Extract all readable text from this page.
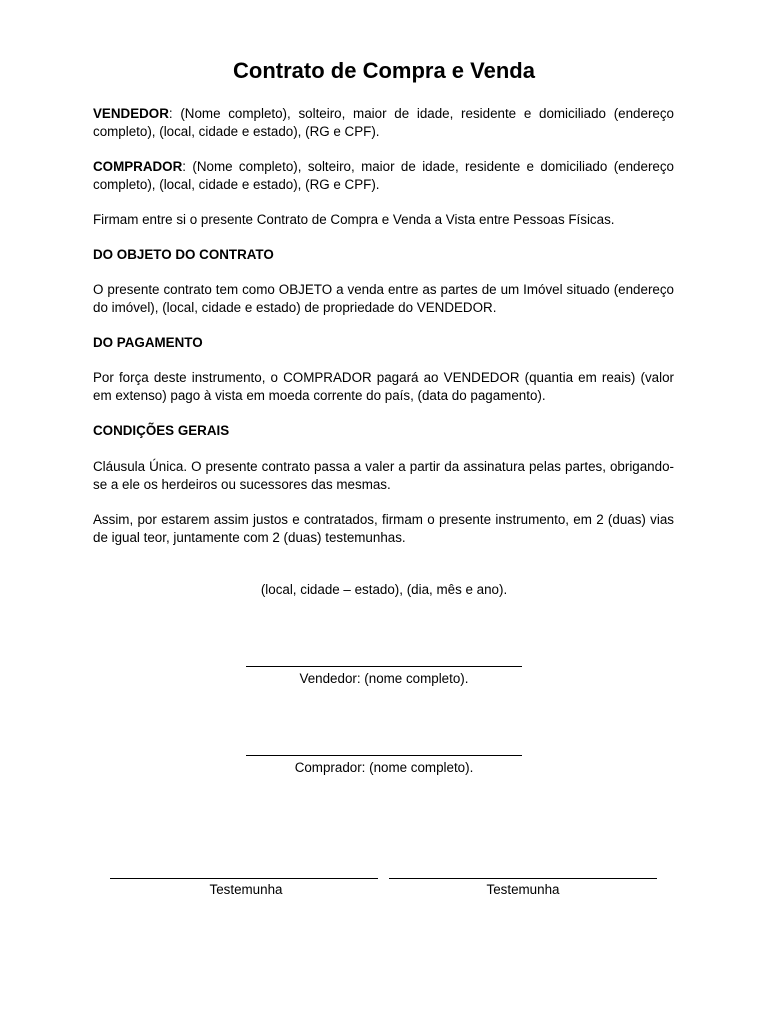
Contrato de Compra e Venda

VENDEDOR: (Nome completo), solteiro, maior de idade, residente e domiciliado (endereço completo), (local, cidade e estado), (RG e CPF).

COMPRADOR: (Nome completo), solteiro, maior de idade, residente e domiciliado (endereço completo), (local, cidade e estado), (RG e CPF).

Firmam entre si o presente Contrato de Compra e Venda a Vista entre Pessoas Físicas.

DO OBJETO DO CONTRATO

O presente contrato tem como OBJETO a venda entre as partes de um Imóvel situado (endereço do imóvel), (local, cidade e estado) de propriedade do VENDEDOR.

DO PAGAMENTO

Por força deste instrumento, o COMPRADOR pagará ao VENDEDOR (quantia em reais) (valor em extenso) pago à vista em moeda corrente do país, (data do pagamento).

CONDIÇÕES GERAIS

Cláusula Única. O presente contrato passa a valer a partir da assinatura pelas partes, obrigando-se a ele os herdeiros ou sucessores das mesmas.

Assim, por estarem assim justos e contratados, firmam o presente instrumento, em 2 (duas) vias de igual teor, juntamente com 2 (duas) testemunhas.

(local, cidade – estado), (dia, mês e ano).

Vendedor: (nome completo).

Comprador: (nome completo).

Testemunha	Testemunha
